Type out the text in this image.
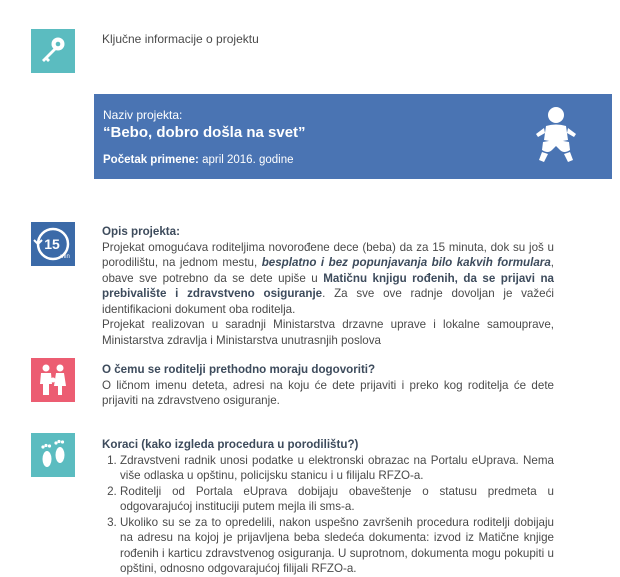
Ključne informacije o projektu
Naziv projekta:
“Bebo, dobro došla na svet”
Početak primene: april 2016. godine
15
min
Opis projekta:

Projekat omogućava roditeljima novorođene dece (beba) da za 15 minuta, dok su još u porodilištu, na jednom mestu, besplatno i bez popunjavanja bilo kakvih formulara, obave sve potrebno da se dete upiše u Matičnu knjigu rođenih, da se prijavi na prebivalište i zdravstveno osiguranje. Za sve ove radnje dovoljan je važeći identifikacioni dokument oba roditelja.

Projekat realizovan u saradnji Ministarstva drzavne uprave i lokalne samouprave, Ministarstva zdravlja i Ministarstva unutrasnjih poslova

O čemu se roditelji prethodno moraju dogovoriti?

O ličnom imenu deteta, adresi na koju će dete prijaviti i preko kog roditelja će dete prijaviti na zdravstveno osiguranje.

Koraci (kako izgleda procedura u porodilištu?)
1. Zdravstveni radnik unosi podatke u elektronski obrazac na Portalu eUprava. Nema više odlaska u opštinu, policijsku stanicu i u filijalu RFZO-a.
2. Roditelji od Portala eUprava dobijaju obaveštenje o statusu predmeta u odgovarajućoj instituciji putem mejla ili sms-a.
3. Ukoliko su se za to opredelili, nakon uspešno završenih procedura roditelji dobijaju na adresu na kojoj je prijavljena beba sledeća dokumenta: izvod iz Matične knjige rođenih i karticu zdravstvenog osiguranja. U suprotnom, dokumenta mogu pokupiti u opštini, odnosno odgovarajućoj filijali RFZO-a.
